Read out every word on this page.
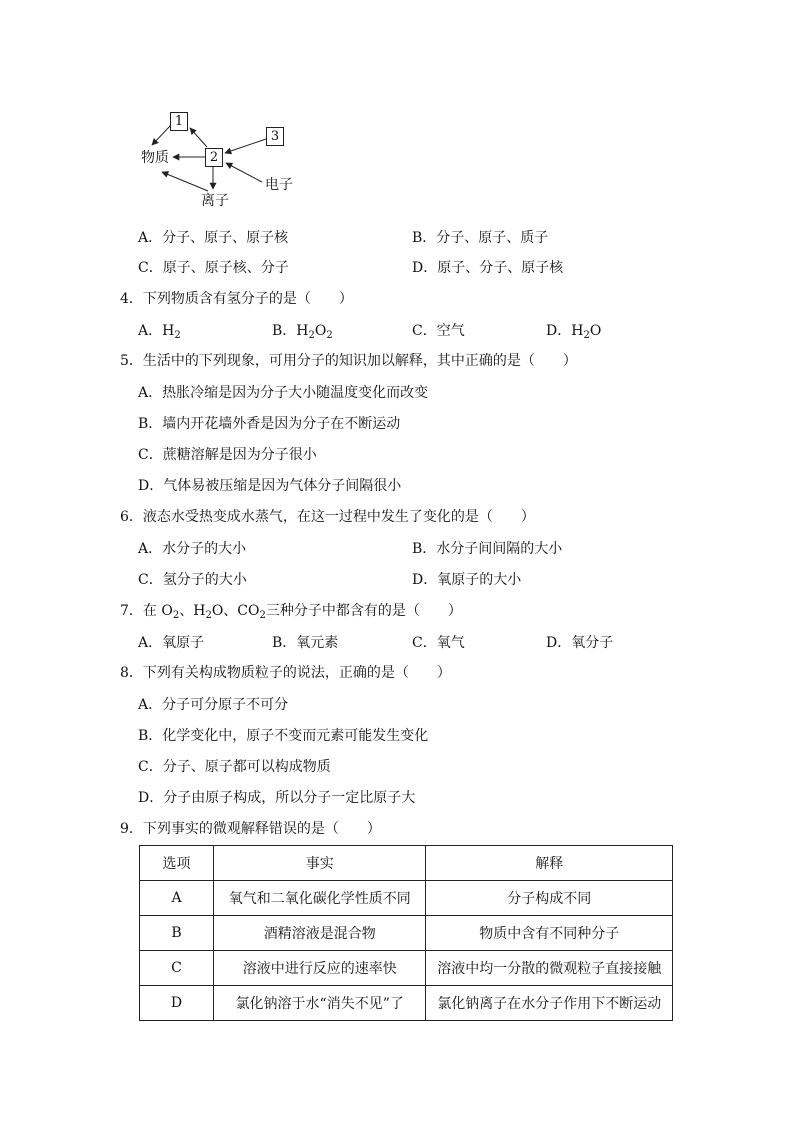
1
2
3
物质
离子
电子
A．分子、原子、原子核	B．分子、原子、质子
C．原子、原子核、分子	D．原子、分子、原子核
4．下列物质含有氢分子的是（　　）
A．$H_2$	B．$H_2O_2$	C．空气	D．$H_2O$
5．生活中的下列现象，可用分子的知识加以解释，其中正确的是（　　）
A．热胀冷缩是因为分子大小随温度变化而改变
B．墙内开花墙外香是因为分子在不断运动
C．蔗糖溶解是因为分子很小
D．气体易被压缩是因为气体分子间隔很小
6．液态水受热变成水蒸气，在这一过程中发生了变化的是（　　）
A．水分子的大小	B．水分子间间隔的大小
C．氢分子的大小	D．氧原子的大小
7．在 $O_2$、$H_2O$、$CO_2$三种分子中都含有的是（　　）
A．氧原子	B．氧元素	C．氧气	D．氧分子
8．下列有关构成物质粒子的说法，正确的是（　　）
A．分子可分原子不可分
B．化学变化中，原子不变而元素可能发生变化
C．分子、原子都可以构成物质
D．分子由原子构成，所以分子一定比原子大
9．下列事实的微观解释错误的是（　　）
选项	事实	解释
A	氧气和二氧化碳化学性质不同	分子构成不同
B	酒精溶液是混合物	物质中含有不同种分子
C	溶液中进行反应的速率快	溶液中均一分散的微观粒子直接接触
D	氯化钠溶于水“消失不见”了	氯化钠离子在水分子作用下不断运动
